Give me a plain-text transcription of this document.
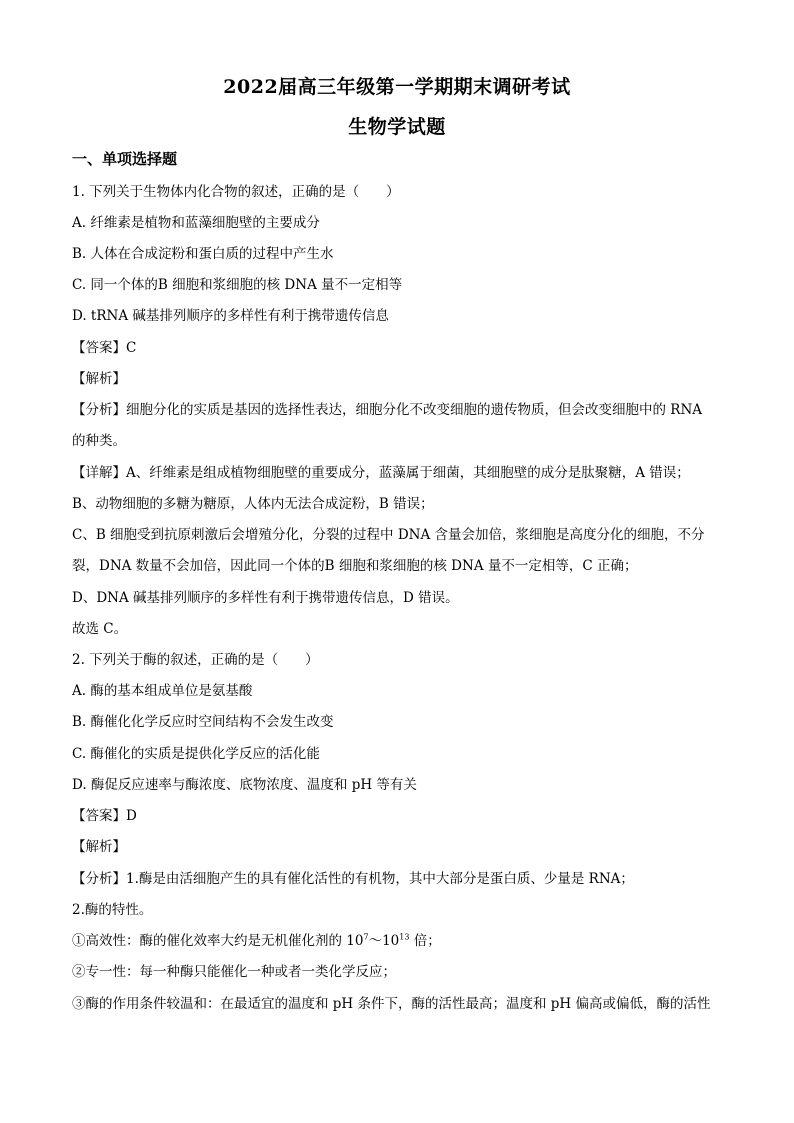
2022届高三年级第一学期期末调研考试
生物学试题
一、单项选择题
1. 下列关于生物体内化合物的叙述，正确的是（　　）
A. 纤维素是植物和蓝藻细胞壁的主要成分
B. 人体在合成淀粉和蛋白质的过程中产生水
C. 同一个体的B 细胞和浆细胞的核 DNA 量不一定相等
D. tRNA 碱基排列顺序的多样性有利于携带遗传信息
【答案】C
【解析】
【分析】细胞分化的实质是基因的选择性表达，细胞分化不改变细胞的遗传物质，但会改变细胞中的 RNA
的种类。
【详解】A、纤维素是组成植物细胞壁的重要成分，蓝藻属于细菌，其细胞壁的成分是肽聚糖，A 错误；
B、动物细胞的多糖为糖原，人体内无法合成淀粉，B 错误；
C、B 细胞受到抗原刺激后会增殖分化，分裂的过程中 DNA 含量会加倍，浆细胞是高度分化的细胞，不分
裂，DNA 数量不会加倍，因此同一个体的B 细胞和浆细胞的核 DNA 量不一定相等，C 正确；
D、DNA 碱基排列顺序的多样性有利于携带遗传信息，D 错误。
故选 C。
2. 下列关于酶的叙述，正确的是（　　）
A. 酶的基本组成单位是氨基酸
B. 酶催化化学反应时空间结构不会发生改变
C. 酶催化的实质是提供化学反应的活化能
D. 酶促反应速率与酶浓度、底物浓度、温度和 pH 等有关
【答案】D
【解析】
【分析】1.酶是由活细胞产生的具有催化活性的有机物，其中大部分是蛋白质、少量是 RNA；
2.酶的特性。
①高效性：酶的催化效率大约是无机催化剂的 $10^7\sim 10^{13}$ 倍；
②专一性：每一种酶只能催化一种或者一类化学反应；
③酶的作用条件较温和：在最适宜的温度和 pH 条件下，酶的活性最高；温度和 pH 偏高或偏低，酶的活性
